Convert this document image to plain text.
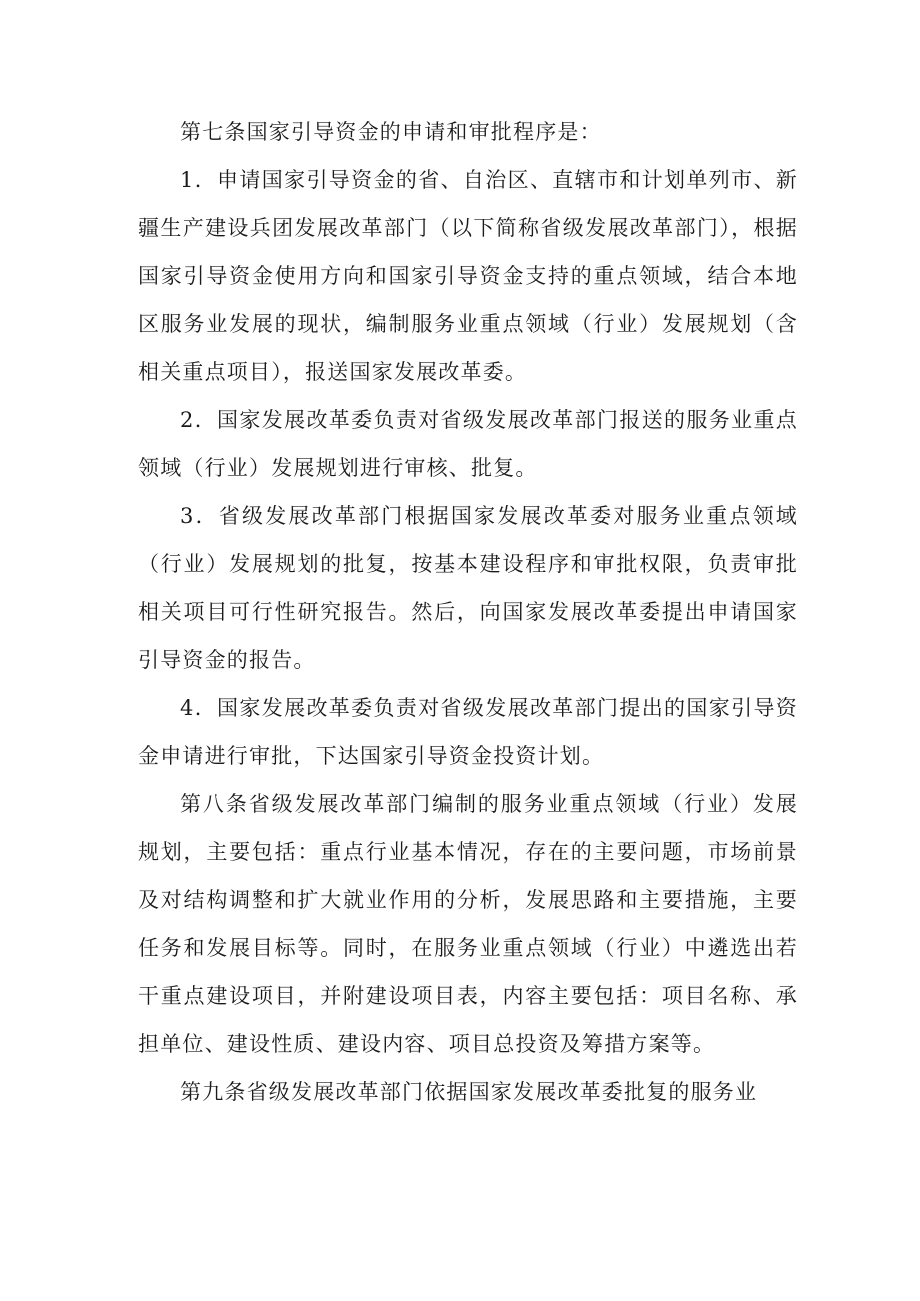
第七条国家引导资金的申请和审批程序是：

1．申请国家引导资金的省、自治区、直辖市和计划单列市、新疆生产建设兵团发展改革部门（以下简称省级发展改革部门），根据国家引导资金使用方向和国家引导资金支持的重点领域，结合本地区服务业发展的现状，编制服务业重点领域（行业）发展规划（含相关重点项目），报送国家发展改革委。

2．国家发展改革委负责对省级发展改革部门报送的服务业重点领域（行业）发展规划进行审核、批复。

3．省级发展改革部门根据国家发展改革委对服务业重点领域（行业）发展规划的批复，按基本建设程序和审批权限，负责审批相关项目可行性研究报告。然后，向国家发展改革委提出申请国家引导资金的报告。

4．国家发展改革委负责对省级发展改革部门提出的国家引导资金申请进行审批，下达国家引导资金投资计划。

第八条省级发展改革部门编制的服务业重点领域（行业）发展规划，主要包括：重点行业基本情况，存在的主要问题，市场前景及对结构调整和扩大就业作用的分析，发展思路和主要措施，主要任务和发展目标等。同时，在服务业重点领域（行业）中遴选出若干重点建设项目，并附建设项目表，内容主要包括：项目名称、承担单位、建设性质、建设内容、项目总投资及筹措方案等。

第九条省级发展改革部门依据国家发展改革委批复的服务业
